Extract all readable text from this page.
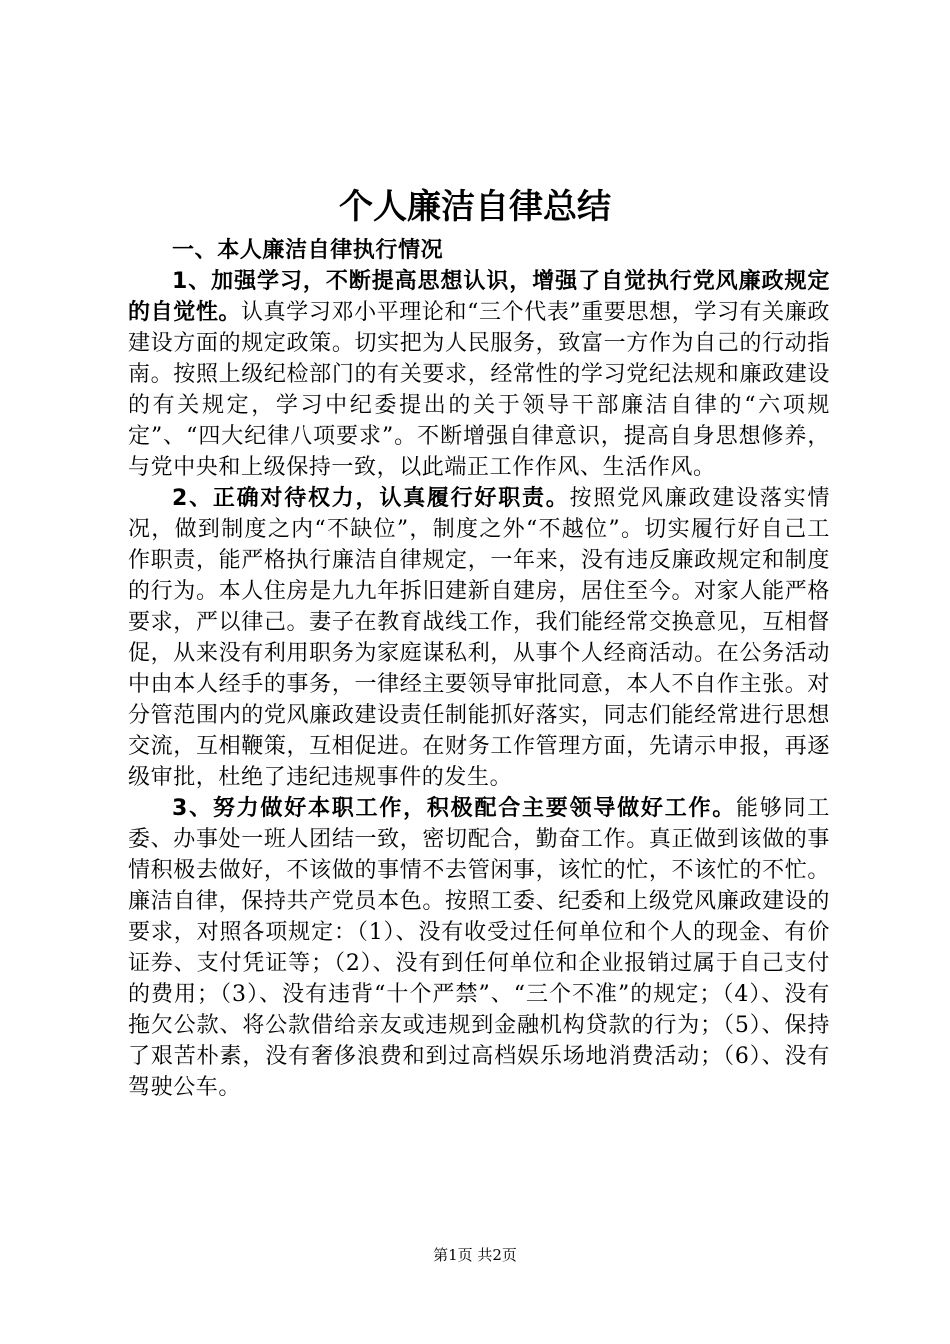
个人廉洁自律总结

一、本人廉洁自律执行情况

1、加强学习，不断提高思想认识，增强了自觉执行党风廉政规定的自觉性。认真学习邓小平理论和“三个代表”重要思想，学习有关廉政建设方面的规定政策。切实把为人民服务，致富一方作为自己的行动指南。按照上级纪检部门的有关要求，经常性的学习党纪法规和廉政建设的有关规定，学习中纪委提出的关于领导干部廉洁自律的“六项规定”、“四大纪律八项要求”。不断增强自律意识，提高自身思想修养，与党中央和上级保持一致，以此端正工作作风、生活作风。

2、正确对待权力，认真履行好职责。按照党风廉政建设落实情况，做到制度之内“不缺位”，制度之外“不越位”。切实履行好自己工作职责，能严格执行廉洁自律规定，一年来，没有违反廉政规定和制度的行为。本人住房是九九年拆旧建新自建房，居住至今。对家人能严格要求，严以律己。妻子在教育战线工作，我们能经常交换意见，互相督促，从来没有利用职务为家庭谋私利，从事个人经商活动。在公务活动中由本人经手的事务，一律经主要领导审批同意，本人不自作主张。对分管范围内的党风廉政建设责任制能抓好落实，同志们能经常进行思想交流，互相鞭策，互相促进。在财务工作管理方面，先请示申报，再逐级审批，杜绝了违纪违规事件的发生。

3、努力做好本职工作，积极配合主要领导做好工作。能够同工委、办事处一班人团结一致，密切配合，勤奋工作。真正做到该做的事情积极去做好，不该做的事情不去管闲事，该忙的忙，不该忙的不忙。廉洁自律，保持共产党员本色。按照工委、纪委和上级党风廉政建设的要求，对照各项规定：（1）、没有收受过任何单位和个人的现金、有价证券、支付凭证等；（2）、没有到任何单位和企业报销过属于自己支付的费用；（3）、没有违背“十个严禁”、“三个不准”的规定；（4）、没有拖欠公款、将公款借给亲友或违规到金融机构贷款的行为；（5）、保持了艰苦朴素，没有奢侈浪费和到过高档娱乐场地消费活动；（6）、没有驾驶公车。

第1页 共2页
